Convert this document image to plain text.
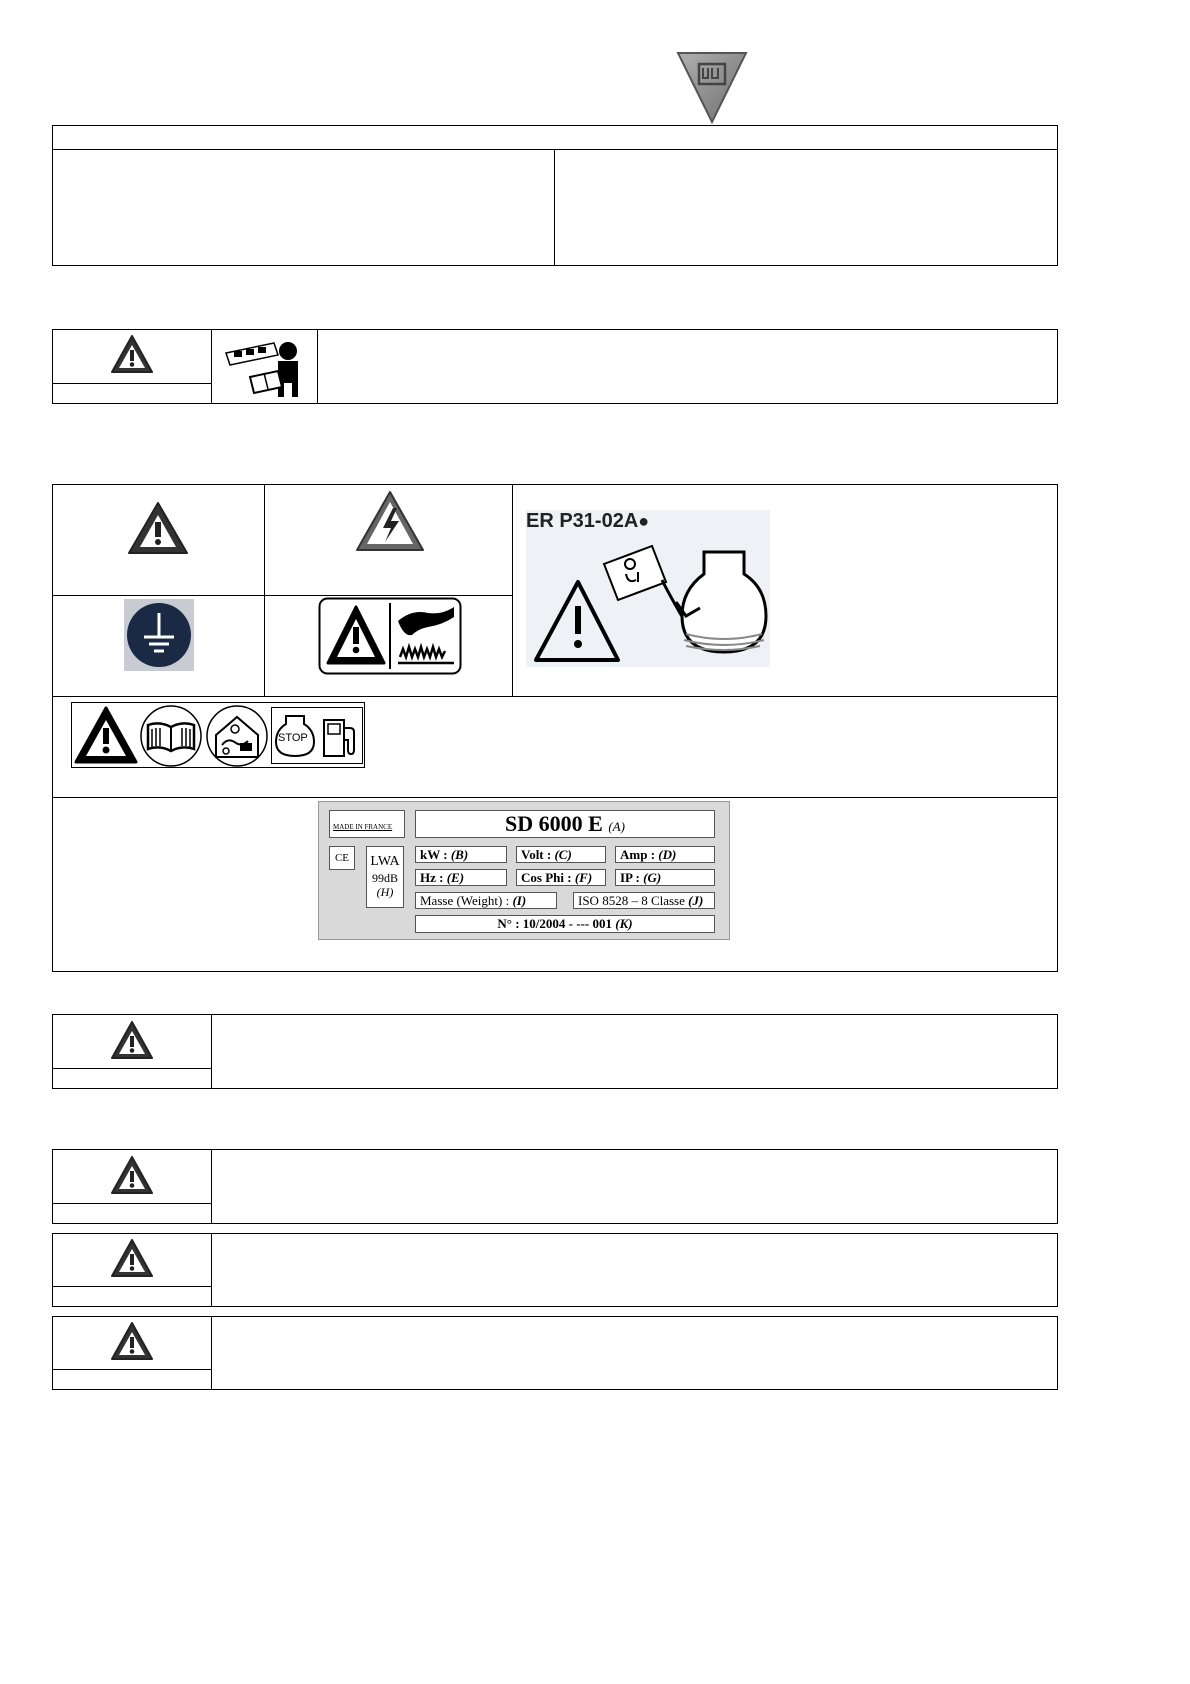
ER P31-02A●
STOP
MADE IN FRANCE
CE	LWA
99dB
(H)
SD 6000 E (A)
kW : (B)	Volt : (C)	Amp : (D)
Hz : (E)	Cos Phi : (F)	IP : (G)
Masse (Weight) : (I)	ISO 8528 – 8 Classe (J)
N° : 10/2004 - --- 001 (K)
